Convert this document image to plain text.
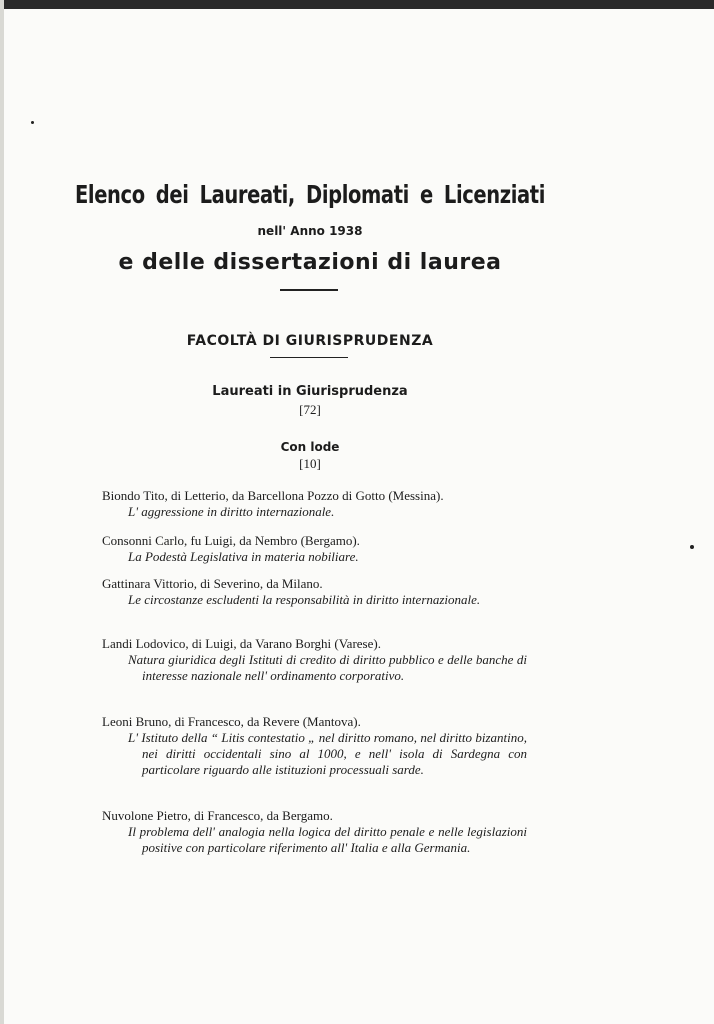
Elenco dei Laureati, Diplomati e Licenziati
nell' Anno 1938
e delle dissertazioni di laurea
FACOLTÀ DI GIURISPRUDENZA
Laureati in Giurisprudenza
[72]
Con lode
[10]
Biondo Tito, di Letterio, da Barcellona Pozzo di Gotto (Messina).
L' aggressione in diritto internazionale.
Consonni Carlo, fu Luigi, da Nembro (Bergamo).
La Podestà Legislativa in materia nobiliare.
Gattinara Vittorio, di Severino, da Milano.
Le circostanze escludenti la responsabilità in diritto internazionale.
Landi Lodovico, di Luigi, da Varano Borghi (Varese).
Natura giuridica degli Istituti di credito di diritto pubblico e delle banche di interesse nazionale nell' ordinamento corporativo.
Leoni Bruno, di Francesco, da Revere (Mantova).
L' Istituto della “ Litis contestatio „ nel diritto romano, nel diritto bizantino, nei diritti occidentali sino al 1000, e nell' isola di Sardegna con particolare riguardo alle istituzioni processuali sarde.
Nuvolone Pietro, di Francesco, da Bergamo.
Il problema dell' analogia nella logica del diritto penale e nelle legislazioni positive con particolare riferimento all' Italia e alla Germania.
